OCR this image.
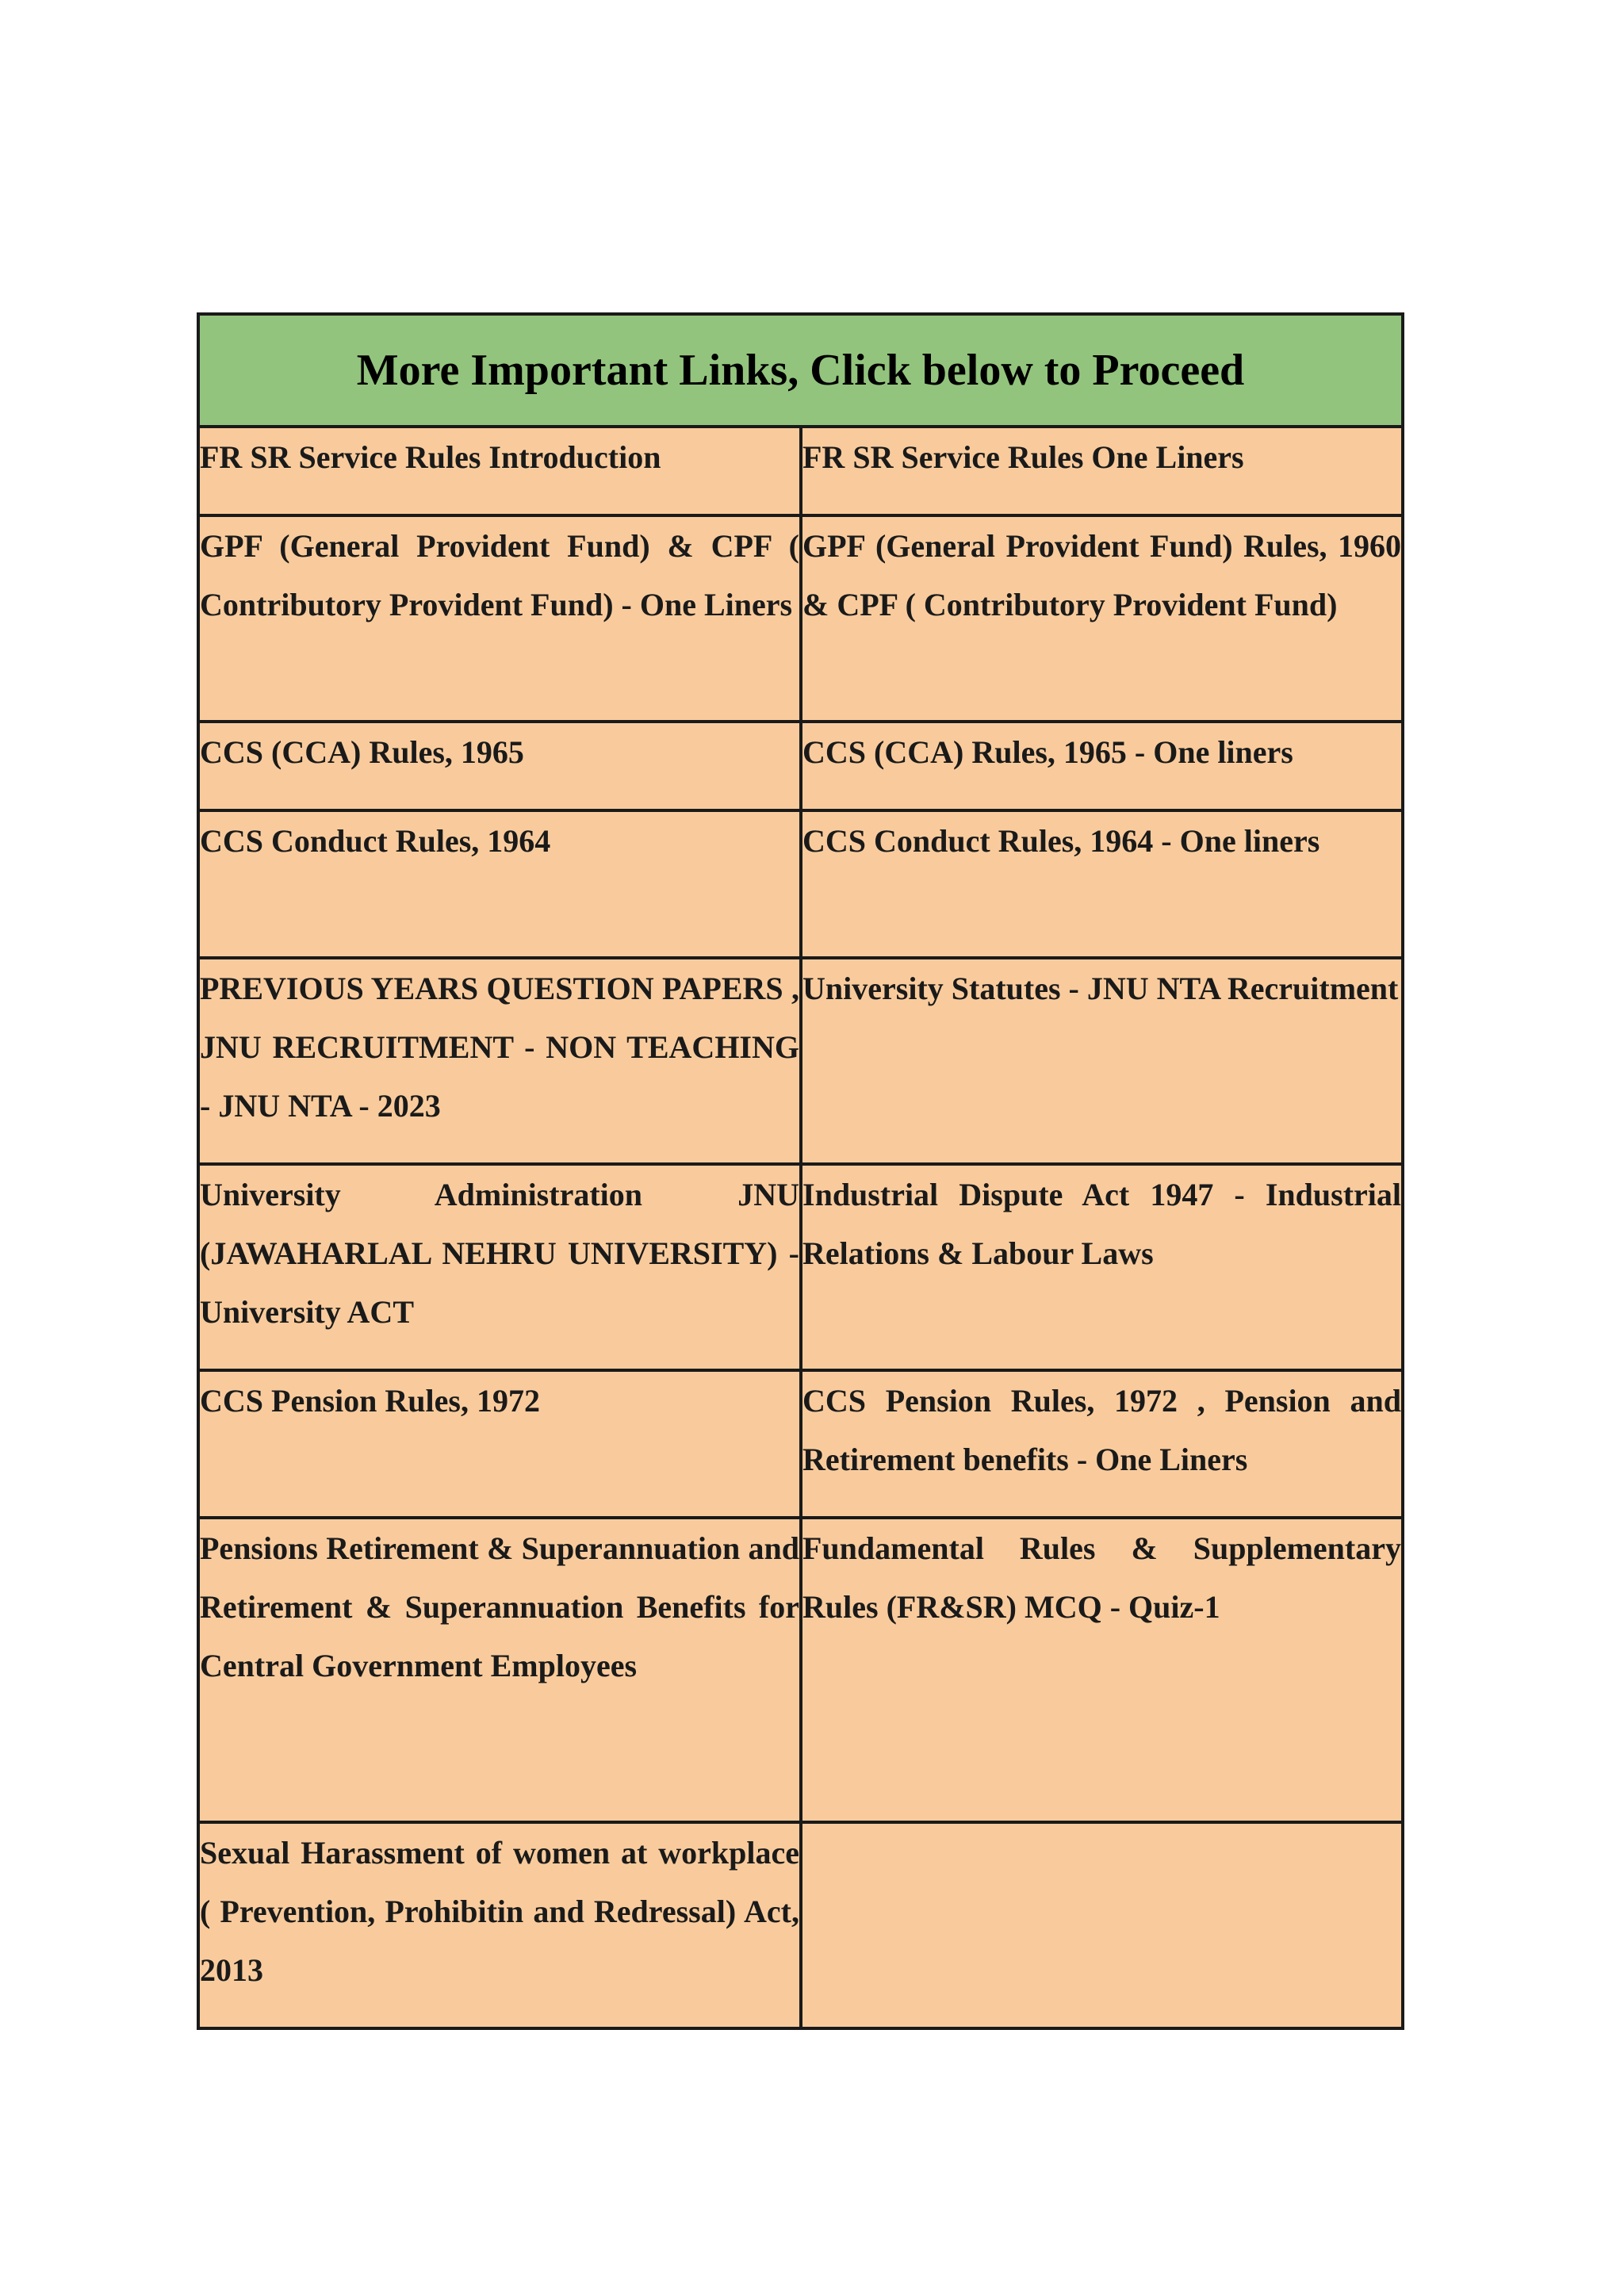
More Important Links, Click below to Proceed	

FR SR Service Rules Introduction	FR SR Service Rules One Liners

GPF (General Provident Fund) & CPF ( Contributory Provident Fund) - One Liners	GPF (General Provident Fund) Rules, 1960 & CPF ( Contributory Provident Fund)

CCS (CCA) Rules, 1965	CCS (CCA) Rules, 1965 - One liners

CCS Conduct Rules, 1964	CCS Conduct Rules, 1964 - One liners

PREVIOUS YEARS QUESTION PAPERS , JNU RECRUITMENT - NON TEACHING - JNU NTA - 2023	University Statutes - JNU NTA Recruitment

University Administration JNU (JAWAHARLAL NEHRU UNIVERSITY) - University ACT	Industrial Dispute Act 1947 - Industrial Relations & Labour Laws

CCS Pension Rules, 1972	CCS Pension Rules, 1972 , Pension and Retirement benefits - One Liners

Pensions Retirement & Superannuation and Retirement & Superannuation Benefits for Central Government Employees	Fundamental Rules & Supplementary Rules (FR&SR) MCQ - Quiz-1

Sexual Harassment of women at workplace ( Prevention, Prohibitin and Redressal) Act, 2013	
